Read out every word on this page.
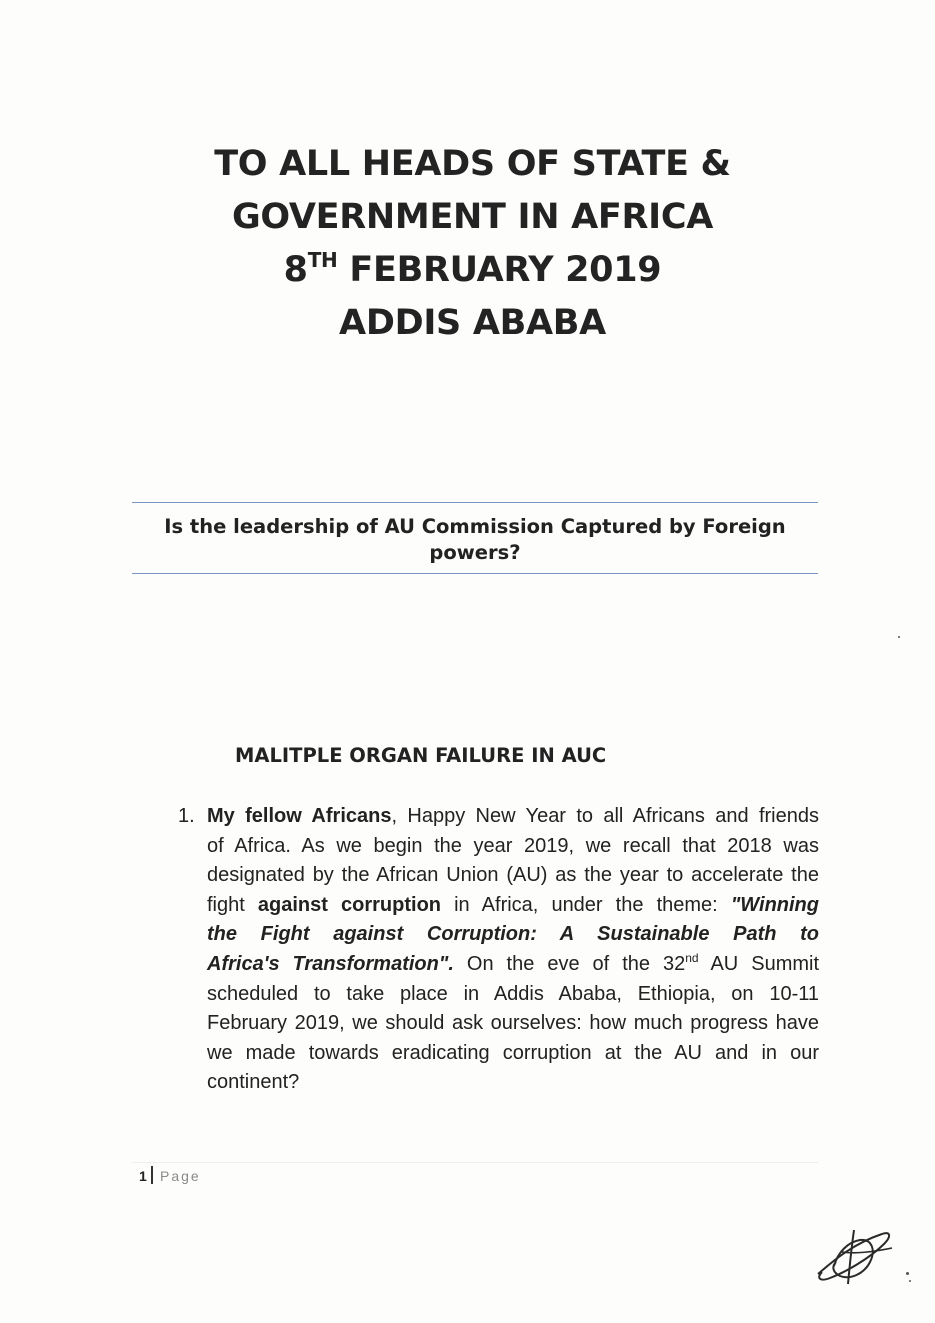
TO ALL HEADS OF STATE &
GOVERNMENT IN AFRICA
8TH FEBRUARY 2019
ADDIS ABABA
Is the leadership of AU Commission Captured by Foreign
powers?
MALITPLE ORGAN FAILURE IN AUC
1. My fellow Africans, Happy New Year to all Africans and friends
of Africa. As we begin the year 2019, we recall that 2018 was
designated by the African Union (AU) as the year to accelerate the
fight against corruption in Africa, under the theme: "Winning
the Fight against Corruption: A Sustainable Path to
Africa's Transformation". On the eve of the 32nd AU Summit
scheduled to take place in Addis Ababa, Ethiopia, on 10-11
February 2019, we should ask ourselves: how much progress have
we made towards eradicating corruption at the AU and in our
continent?
1 Page
